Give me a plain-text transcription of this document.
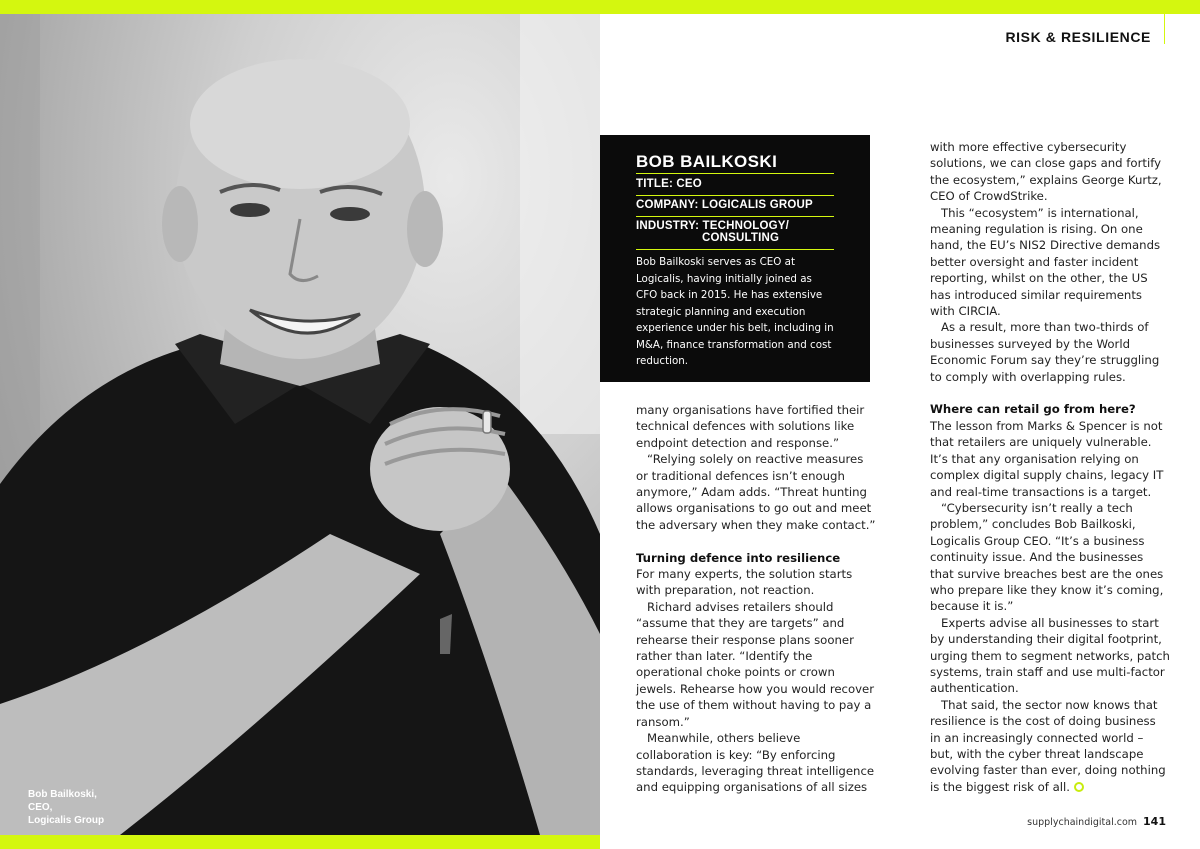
RISK & RESILIENCE
Bob Bailkoski,
CEO,
Logicalis Group
BOB BAILKOSKI
TITLE: CEO
COMPANY: LOGICALIS GROUP
INDUSTRY: TECHNOLOGY/
CONSULTING
Bob Bailkoski serves as CEO at Logicalis, having initially joined as CFO back in 2015. He has extensive strategic planning and execution experience under his belt, including in M&A, finance transformation and cost reduction.

many organisations have fortified their technical defences with solutions like endpoint detection and response.”

“Relying solely on reactive measures or traditional defences isn’t enough anymore,” Adam adds. “Threat hunting allows organisations to go out and meet the adversary when they make contact.”

Turning defence into resilience

For many experts, the solution starts with preparation, not reaction.

Richard advises retailers should “assume that they are targets” and rehearse their response plans sooner rather than later. “Identify the operational choke points or crown jewels. Rehearse how you would recover the use of them without having to pay a ransom.”

Meanwhile, others believe collaboration is key: “By enforcing standards, leveraging threat intelligence and equipping organisations of all sizes

with more effective cybersecurity solutions, we can close gaps and fortify the ecosystem,” explains George Kurtz, CEO of CrowdStrike.

This “ecosystem” is international, meaning regulation is rising. On one hand, the EU’s NIS2 Directive demands better oversight and faster incident reporting, whilst on the other, the US has introduced similar requirements with CIRCIA.

As a result, more than two-thirds of businesses surveyed by the World Economic Forum say they’re struggling to comply with overlapping rules.

Where can retail go from here?

The lesson from Marks & Spencer is not that retailers are uniquely vulnerable. It’s that any organisation relying on complex digital supply chains, legacy IT and real-time transactions is a target.

“Cybersecurity isn’t really a tech problem,” concludes Bob Bailkoski, Logicalis Group CEO. “It’s a business continuity issue. And the businesses that survive breaches best are the ones who prepare like they know it’s coming, because it is.”

Experts advise all businesses to start by understanding their digital footprint, urging them to segment networks, patch systems, train staff and use multi-factor authentication.

That said, the sector now knows that resilience is the cost of doing business in an increasingly connected world – but, with the cyber threat landscape evolving faster than ever, doing nothing is the biggest risk of all.

supplychaindigital.com 141
